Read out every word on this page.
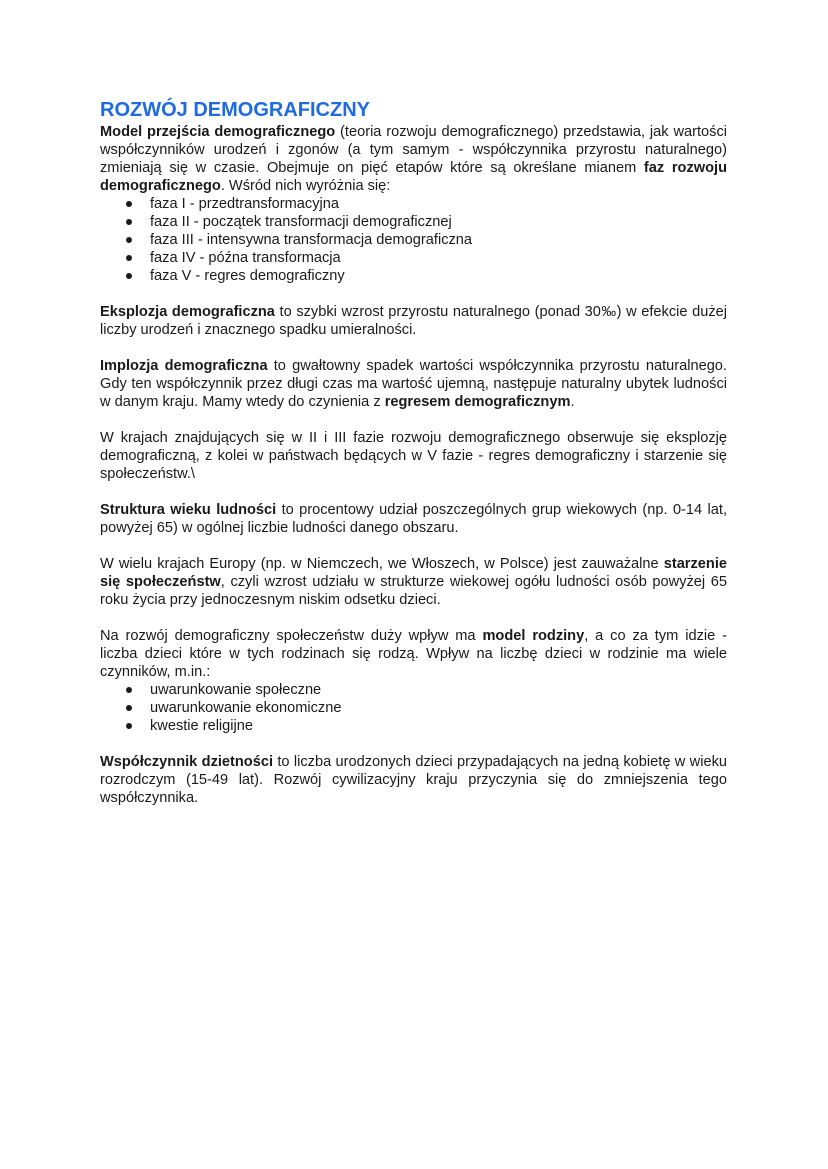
ROZWÓJ DEMOGRAFICZNY

Model przejścia demograficznego (teoria rozwoju demograficznego) przedstawia, jak wartości współczynników urodzeń i zgonów (a tym samym - współczynnika przyrostu naturalnego) zmieniają się w czasie. Obejmuje on pięć etapów które są określane mianem faz rozwoju demograficznego. Wśród nich wyróżnia się:

faza I - przedtransformacyjna
faza II - początek transformacji demograficznej
faza III - intensywna transformacja demograficzna
faza IV - późna transformacja
faza V - regres demograficzny

Eksplozja demograficzna to szybki wzrost przyrostu naturalnego (ponad 30‰) w efekcie dużej liczby urodzeń i znacznego spadku umieralności.

Implozja demograficzna to gwałtowny spadek wartości współczynnika przyrostu naturalnego. Gdy ten współczynnik przez długi czas ma wartość ujemną, następuje naturalny ubytek ludności w danym kraju. Mamy wtedy do czynienia z regresem demograficznym.

W krajach znajdujących się w II i III fazie rozwoju demograficznego obserwuje się eksplozję demograficzną, z kolei w państwach będących w V fazie - regres demograficzny i starzenie się społeczeństw.\

Struktura wieku ludności to procentowy udział poszczególnych grup wiekowych (np. 0-14 lat, powyżej 65) w ogólnej liczbie ludności danego obszaru.

W wielu krajach Europy (np. w Niemczech, we Włoszech, w Polsce) jest zauważalne starzenie się społeczeństw, czyli wzrost udziału w strukturze wiekowej ogółu ludności osób powyżej 65 roku życia przy jednoczesnym niskim odsetku dzieci.

Na rozwój demograficzny społeczeństw duży wpływ ma model rodziny, a co za tym idzie - liczba dzieci które w tych rodzinach się rodzą. Wpływ na liczbę dzieci w rodzinie ma wiele czynników, m.in.:

uwarunkowanie społeczne
uwarunkowanie ekonomiczne
kwestie religijne

Współczynnik dzietności to liczba urodzonych dzieci przypadających na jedną kobietę w wieku rozrodczym (15-49 lat). Rozwój cywilizacyjny kraju przyczynia się do zmniejszenia tego współczynnika.
